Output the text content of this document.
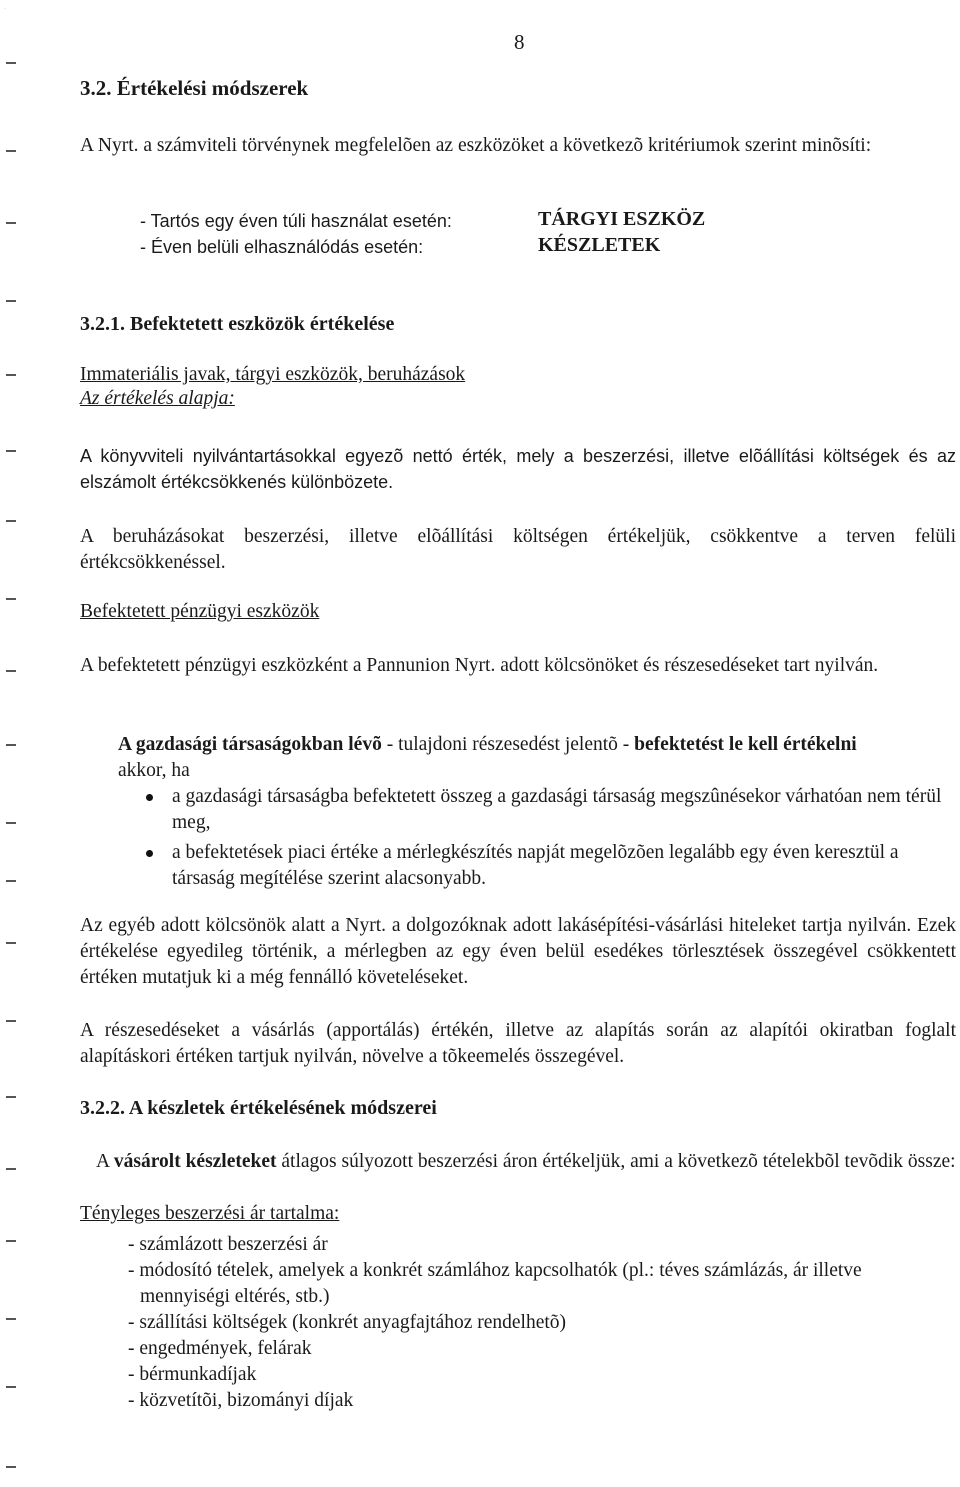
.
8
3.2. Értékelési módszerek

A Nyrt. a számviteli törvénynek megfelelõen az eszközöket a következõ kritériumok szerint minõsíti:

- Tartós egy éven túli használat esetén:
- Éven belüli elhasználódás esetén:
TÁRGYI ESZKÖZ
KÉSZLETEK
3.2.1. Befektetett eszközök értékelése
Immateriális javak, tárgyi eszközök, beruházások
Az értékelés alapja:

A könyvviteli nyilvántartásokkal egyezõ nettó érték, mely a beszerzési, illetve elõállítási költségek és az elszámolt értékcsökkenés különbözete.

A beruházásokat beszerzési, illetve elõállítási költségen értékeljük, csökkentve a terven felüli értékcsökkenéssel.

Befektetett pénzügyi eszközök

A befektetett pénzügyi eszközként a Pannunion Nyrt. adott kölcsönöket és részesedéseket tart nyilván.

A gazdasági társaságokban lévõ - tulajdoni részesedést jelentõ - befektetést le kell értékelni
akkor, ha

a gazdasági társaságba befektetett összeg a gazdasági társaság megszûnésekor várhatóan nem térül meg,
a befektetések piaci értéke a mérlegkészítés napját megelõzõen legalább egy éven keresztül a társaság megítélése szerint alacsonyabb.

Az egyéb adott kölcsönök alatt a Nyrt. a dolgozóknak adott lakásépítési-vásárlási hiteleket tartja nyilván. Ezek értékelése egyedileg történik, a mérlegben az egy éven belül esedékes törlesztések összegével csökkentett értéken mutatjuk ki a még fennálló követeléseket.

A részesedéseket a vásárlás (apportálás) értékén, illetve az alapítás során az alapítói okiratban foglalt alapításkori értéken tartjuk nyilván, növelve a tõkeemelés összegével.

3.2.2. A készletek értékelésének módszerei

A vásárolt készleteket átlagos súlyozott beszerzési áron értékeljük, ami a következõ tételekbõl tevõdik össze:

Tényleges beszerzési ár tartalma:
- számlázott beszerzési ár
- módosító tételek, amelyek a konkrét számlához kapcsolhatók (pl.: téves számlázás, ár illetve
mennyiségi eltérés, stb.)
- szállítási költségek (konkrét anyagfajtához rendelhetõ)
- engedmények, felárak
- bérmunkadíjak
- közvetítõi, bizományi díjak
